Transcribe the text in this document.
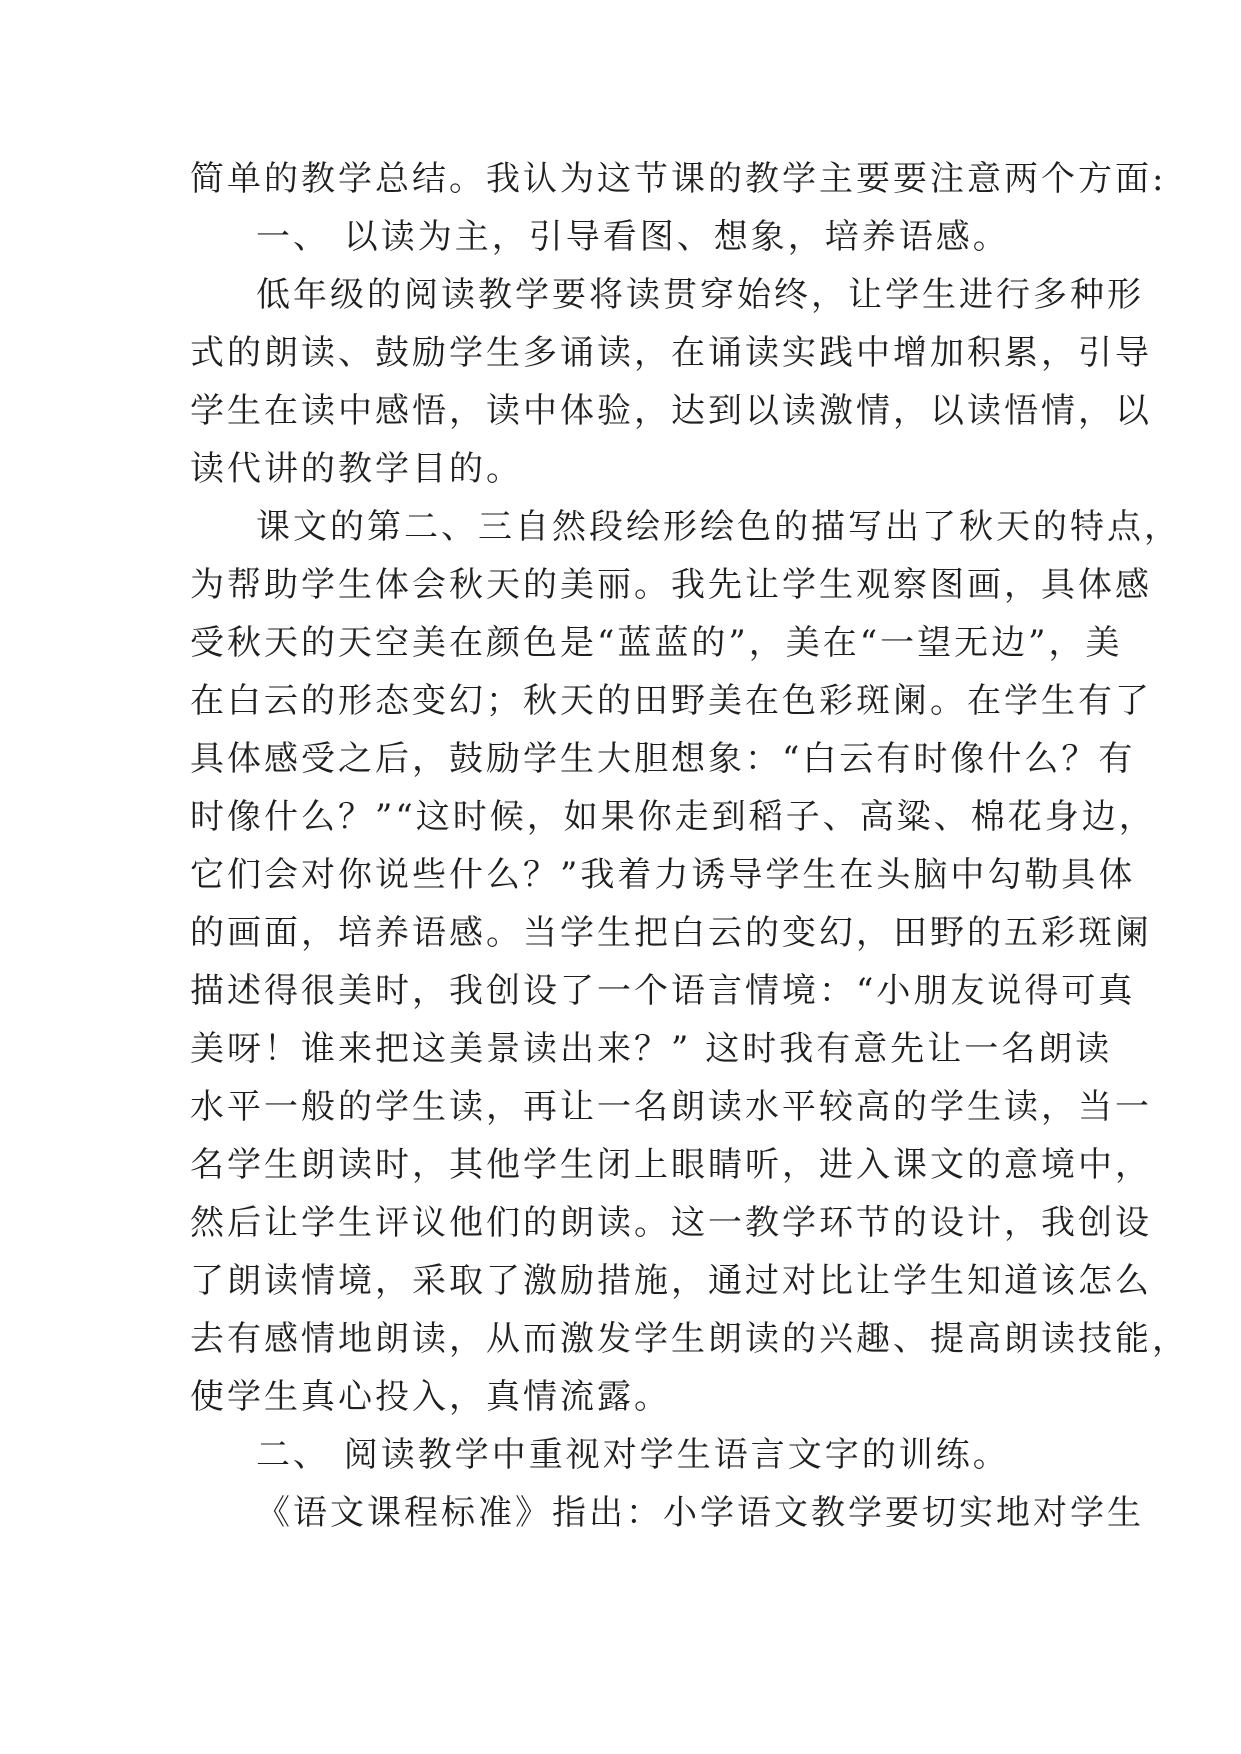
简单的教学总结。我认为这节课的教学主要要注意两个方面:
一、 以读为主，引导看图、想象，培养语感。
低年级的阅读教学要将读贯穿始终，让学生进行多种形
式的朗读、鼓励学生多诵读，在诵读实践中增加积累，引导
学生在读中感悟，读中体验，达到以读激情，以读悟情，以
读代讲的教学目的。
课文的第二、三自然段绘形绘色的描写出了秋天的特点，
为帮助学生体会秋天的美丽。我先让学生观察图画，具体感
受秋天的天空美在颜色是“蓝蓝的”，美在“一望无边”，美
在白云的形态变幻；秋天的田野美在色彩斑阑。在学生有了
具体感受之后，鼓励学生大胆想象：“白云有时像什么？有
时像什么？”“这时候，如果你走到稻子、高粱、棉花身边，
它们会对你说些什么？”我着力诱导学生在头脑中勾勒具体
的画面，培养语感。当学生把白云的变幻，田野的五彩斑阑
描述得很美时，我创设了一个语言情境：“小朋友说得可真
美呀！谁来把这美景读出来？” 这时我有意先让一名朗读
水平一般的学生读，再让一名朗读水平较高的学生读，当一
名学生朗读时，其他学生闭上眼睛听，进入课文的意境中，
然后让学生评议他们的朗读。这一教学环节的设计，我创设
了朗读情境，采取了激励措施，通过对比让学生知道该怎么
去有感情地朗读，从而激发学生朗读的兴趣、提高朗读技能，
使学生真心投入，真情流露。
二、 阅读教学中重视对学生语言文字的训练。
《语文课程标准》指出：小学语文教学要切实地对学生
